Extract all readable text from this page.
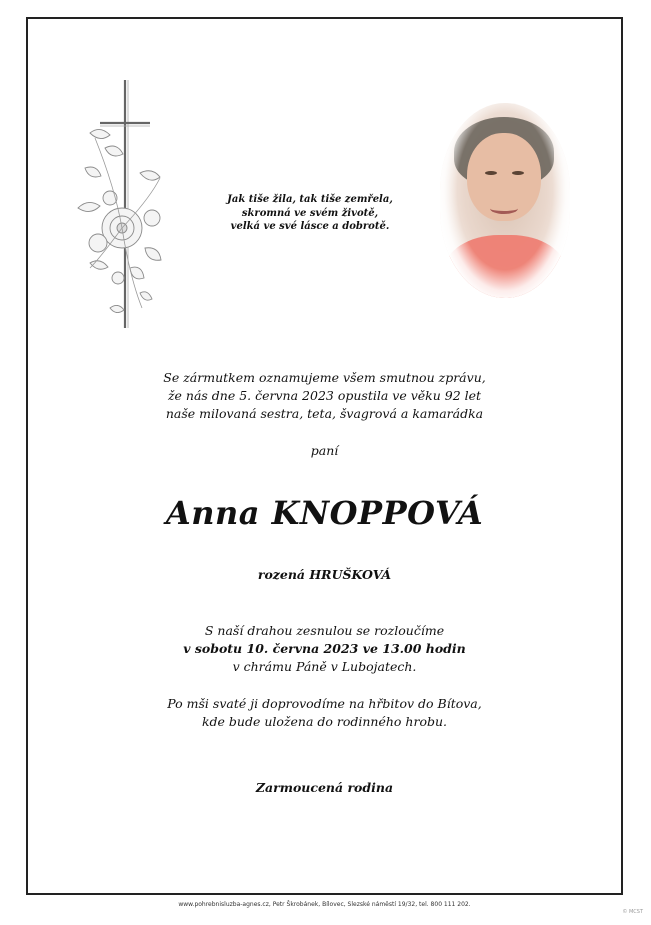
Jak tiše žila, tak tiše zemřela,
skromná ve svém životě,
velká ve své lásce a dobrotě.
Se zármutkem oznamujeme všem smutnou zprávu,
že nás dne 5. června 2023 opustila ve věku 92 let
naše milovaná sestra, teta, švagrová a kamarádka
paní
Anna KNOPPOVÁ
rozená HRUŠKOVÁ
S naší drahou zesnulou se rozloučíme
v sobotu 10. června 2023 ve 13.00 hodin
v chrámu Páně v Lubojatech.
Po mši svaté ji doprovodíme na hřbitov do Bítova,
kde bude uložena do rodinného hrobu.
Zarmoucená rodina
www.pohrebnisluzba-agnes.cz, Petr Škrobánek, Bílovec, Slezské náměstí 19/32, tel. 800 111 202.
© MCST
